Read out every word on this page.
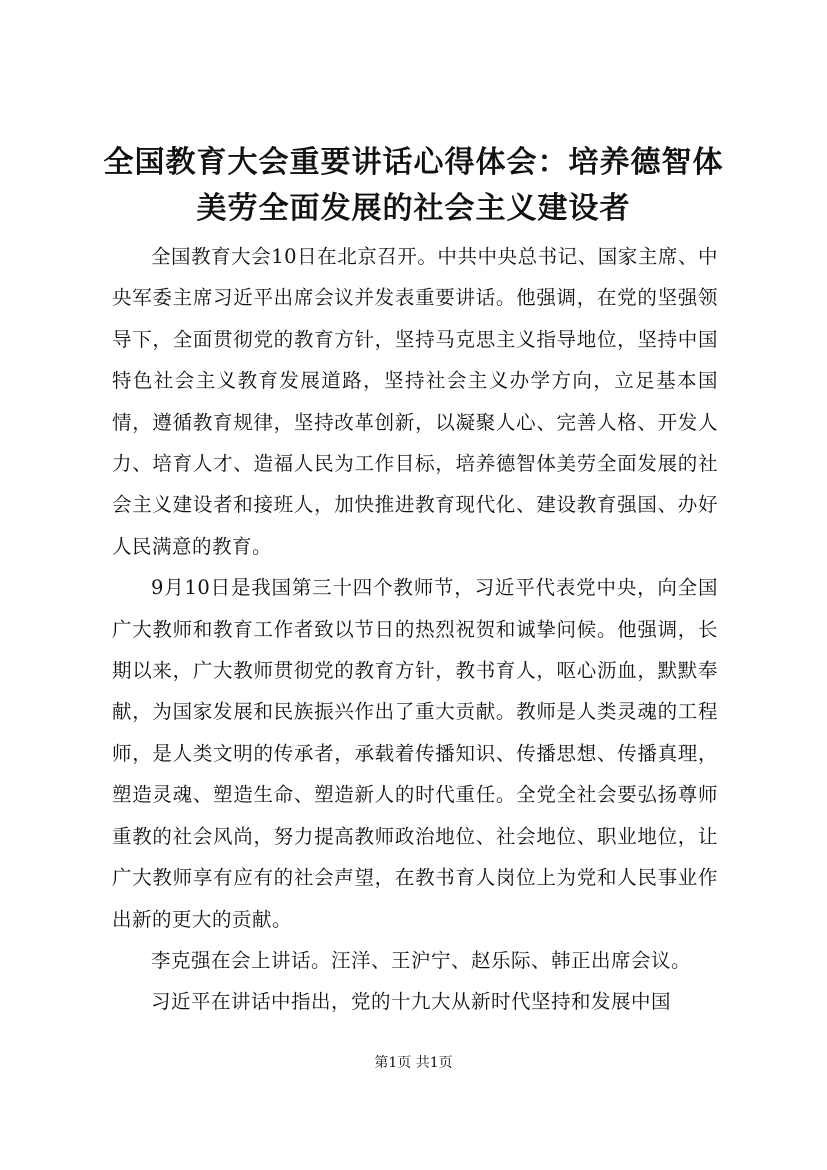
全国教育大会重要讲话心得体会：培养德智体
美劳全面发展的社会主义建设者

全国教育大会10日在北京召开。中共中央总书记、国家主席、中央军委主席习近平出席会议并发表重要讲话。他强调，在党的坚强领导下，全面贯彻党的教育方针，坚持马克思主义指导地位，坚持中国特色社会主义教育发展道路，坚持社会主义办学方向，立足基本国情，遵循教育规律，坚持改革创新，以凝聚人心、完善人格、开发人力、培育人才、造福人民为工作目标，培养德智体美劳全面发展的社会主义建设者和接班人，加快推进教育现代化、建设教育强国、办好人民满意的教育。

9月10日是我国第三十四个教师节，习近平代表党中央，向全国广大教师和教育工作者致以节日的热烈祝贺和诚挚问候。他强调，长期以来，广大教师贯彻党的教育方针，教书育人，呕心沥血，默默奉献，为国家发展和民族振兴作出了重大贡献。教师是人类灵魂的工程师，是人类文明的传承者，承载着传播知识、传播思想、传播真理，塑造灵魂、塑造生命、塑造新人的时代重任。全党全社会要弘扬尊师重教的社会风尚，努力提高教师政治地位、社会地位、职业地位，让广大教师享有应有的社会声望，在教书育人岗位上为党和人民事业作出新的更大的贡献。

李克强在会上讲话。汪洋、王沪宁、赵乐际、韩正出席会议。

习近平在讲话中指出，党的十九大从新时代坚持和发展中国

第1页 共1页
